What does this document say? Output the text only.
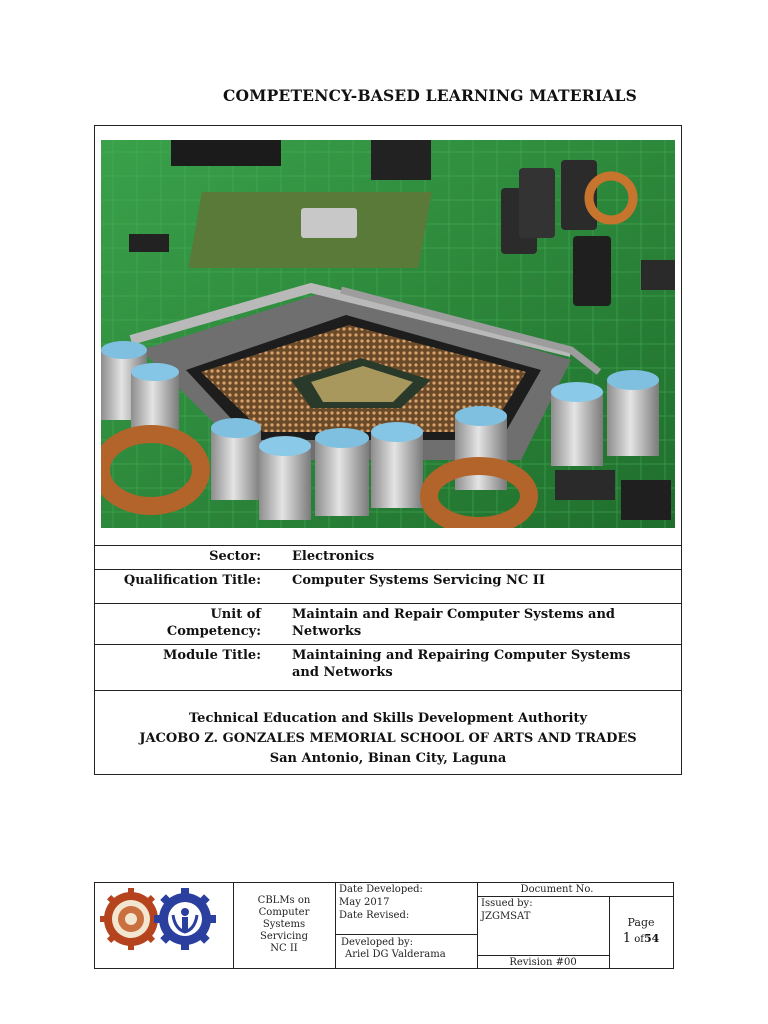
COMPETENCY-BASED LEARNING MATERIALS
Sector: Electronics
Qualification Title: Computer Systems Servicing NC II
Unit of
Competency:
Maintain and Repair Computer Systems and
Networks
Module Title: Maintaining and Repairing Computer Systems
and Networks
Technical Education and Skills Development Authority
JACOBO Z. GONZALES MEMORIAL SCHOOL OF ARTS AND TRADES
San Antonio, Binan City, Laguna
CBLMs on
Computer
Systems
Servicing
NC II
Date Developed:
May 2017
Date Revised:
Developed by:
Ariel DG Valderama
Document No.
Issued by:
JZGMSAT
Revision #00
Page
1 of54
